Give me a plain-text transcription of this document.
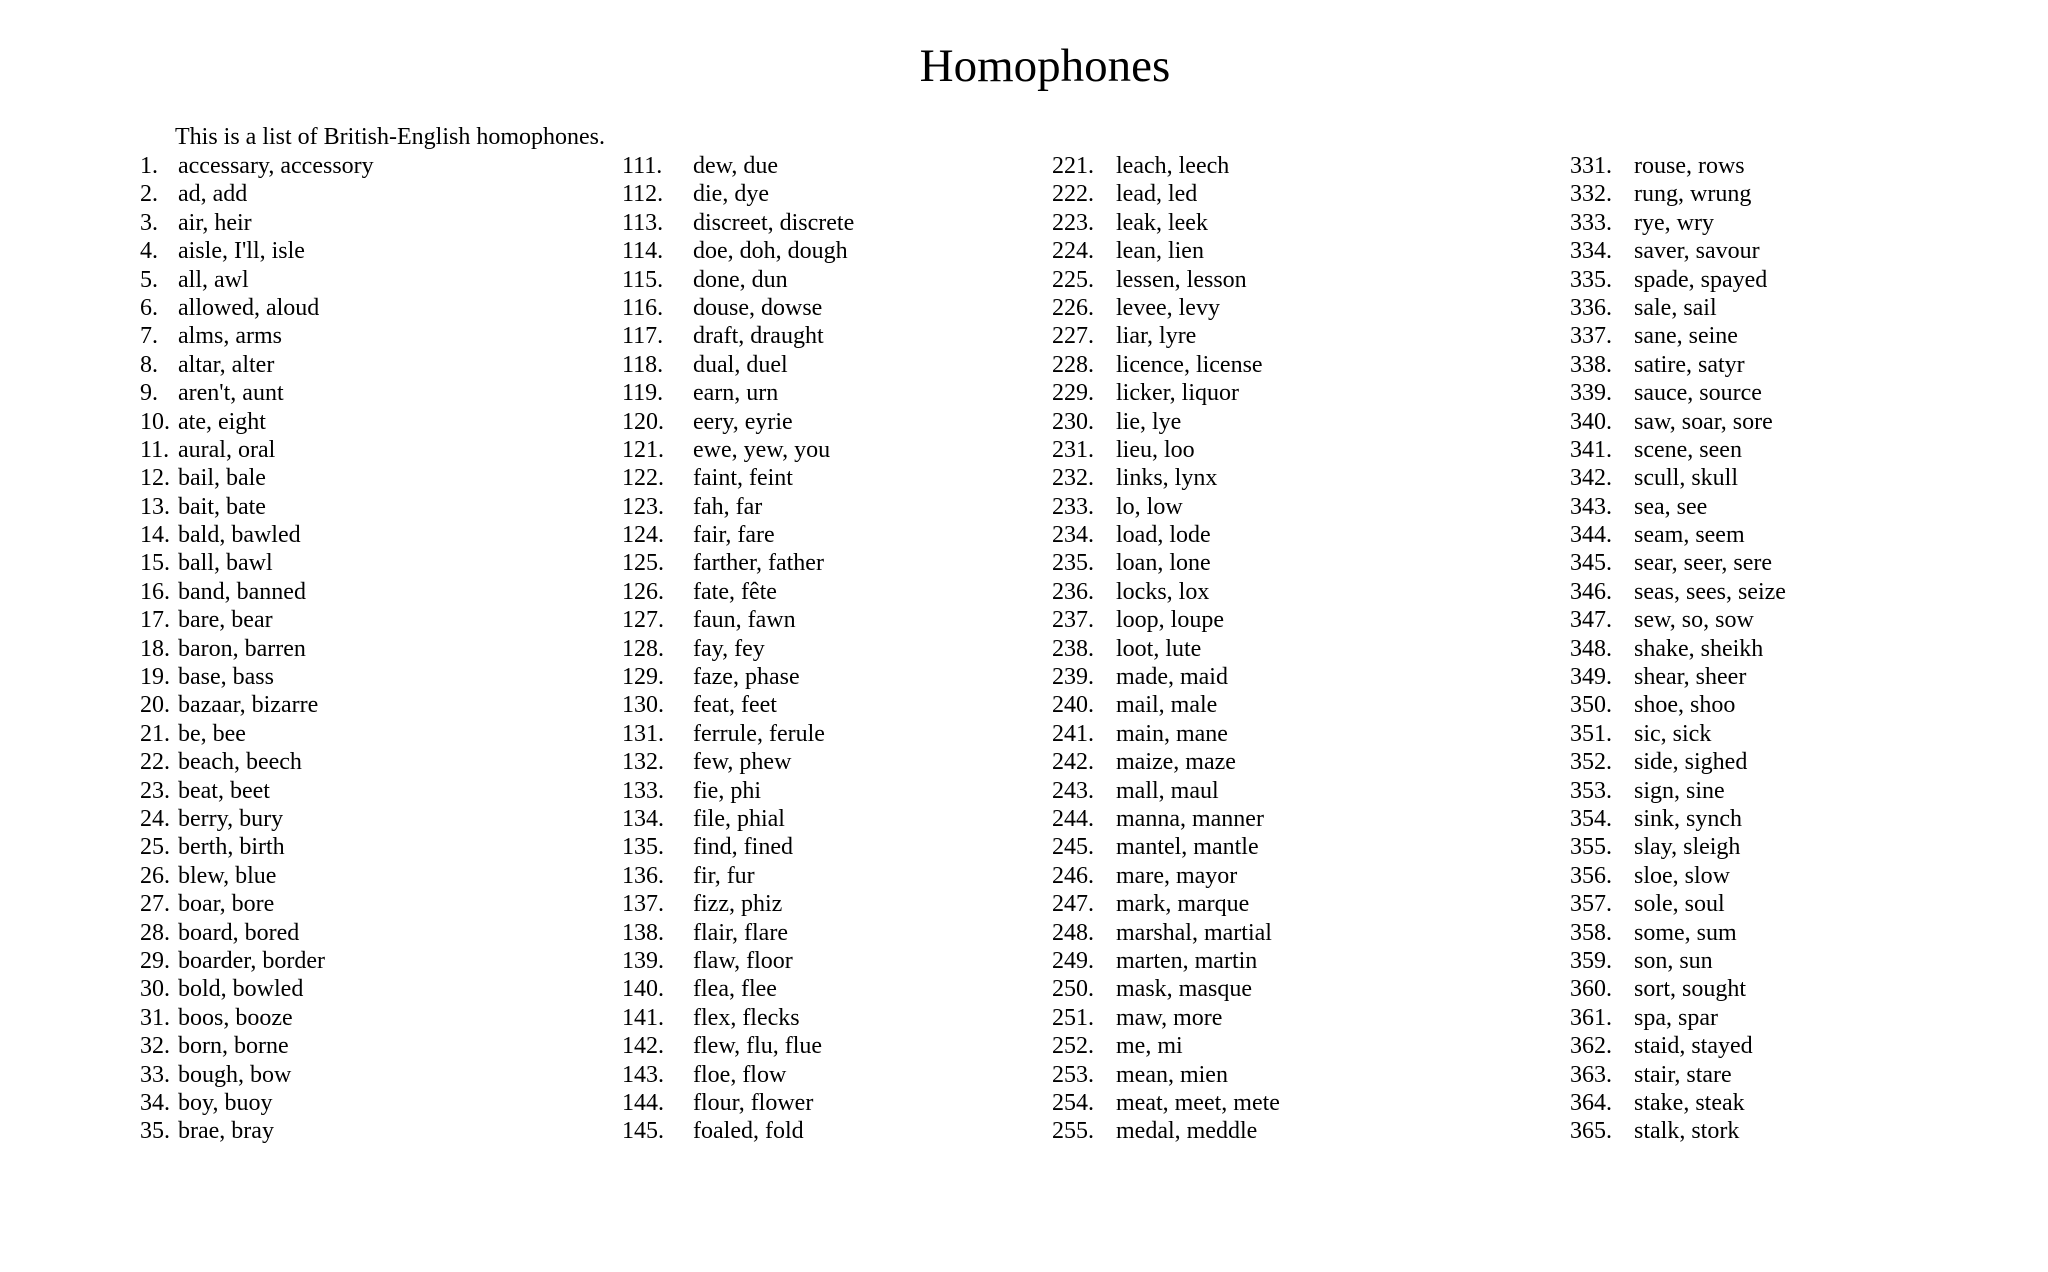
Homophones
This is a list of British-English homophones.
1. accessary, accessory
2. ad, add
3. air, heir
4. aisle, I'll, isle
5. all, awl
6. allowed, aloud
7. alms, arms
8. altar, alter
9. aren't, aunt
10. ate, eight
11. aural, oral
12. bail, bale
13. bait, bate
14. bald, bawled
15. ball, bawl
16. band, banned
17. bare, bear
18. baron, barren
19. base, bass
20. bazaar, bizarre
21. be, bee
22. beach, beech
23. beat, beet
24. berry, bury
25. berth, birth
26. blew, blue
27. boar, bore
28. board, bored
29. boarder, border
30. bold, bowled
31. boos, booze
32. born, borne
33. bough, bow
34. boy, buoy
35. brae, bray
111. dew, due
112. die, dye
113. discreet, discrete
114. doe, doh, dough
115. done, dun
116. douse, dowse
117. draft, draught
118. dual, duel
119. earn, urn
120. eery, eyrie
121. ewe, yew, you
122. faint, feint
123. fah, far
124. fair, fare
125. farther, father
126. fate, fête
127. faun, fawn
128. fay, fey
129. faze, phase
130. feat, feet
131. ferrule, ferule
132. few, phew
133. fie, phi
134. file, phial
135. find, fined
136. fir, fur
137. fizz, phiz
138. flair, flare
139. flaw, floor
140. flea, flee
141. flex, flecks
142. flew, flu, flue
143. floe, flow
144. flour, flower
145. foaled, fold
221. leach, leech
222. lead, led
223. leak, leek
224. lean, lien
225. lessen, lesson
226. levee, levy
227. liar, lyre
228. licence, license
229. licker, liquor
230. lie, lye
231. lieu, loo
232. links, lynx
233. lo, low
234. load, lode
235. loan, lone
236. locks, lox
237. loop, loupe
238. loot, lute
239. made, maid
240. mail, male
241. main, mane
242. maize, maze
243. mall, maul
244. manna, manner
245. mantel, mantle
246. mare, mayor
247. mark, marque
248. marshal, martial
249. marten, martin
250. mask, masque
251. maw, more
252. me, mi
253. mean, mien
254. meat, meet, mete
255. medal, meddle
331. rouse, rows
332. rung, wrung
333. rye, wry
334. saver, savour
335. spade, spayed
336. sale, sail
337. sane, seine
338. satire, satyr
339. sauce, source
340. saw, soar, sore
341. scene, seen
342. scull, skull
343. sea, see
344. seam, seem
345. sear, seer, sere
346. seas, sees, seize
347. sew, so, sow
348. shake, sheikh
349. shear, sheer
350. shoe, shoo
351. sic, sick
352. side, sighed
353. sign, sine
354. sink, synch
355. slay, sleigh
356. sloe, slow
357. sole, soul
358. some, sum
359. son, sun
360. sort, sought
361. spa, spar
362. staid, stayed
363. stair, stare
364. stake, steak
365. stalk, stork
